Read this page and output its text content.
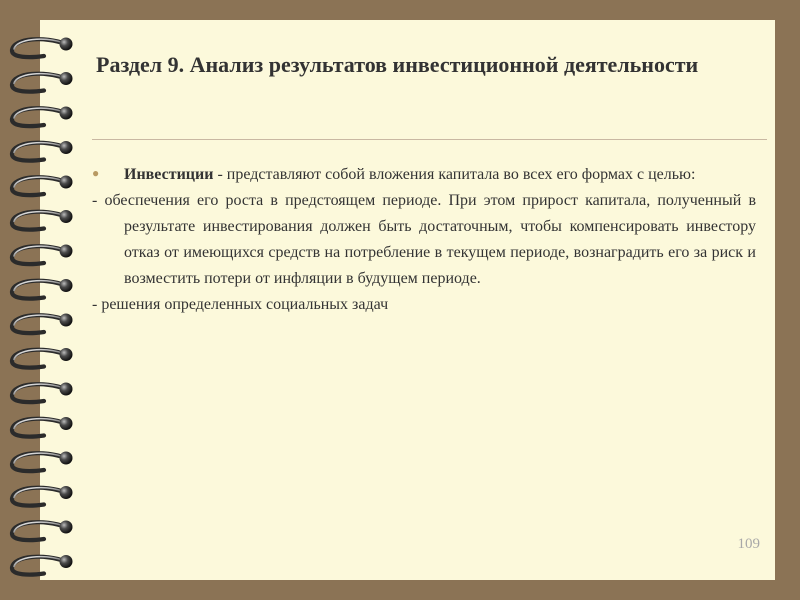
Раздел 9. Анализ результатов инвестиционной деятельности

● Инвестиции - представляют собой вложения капитала во всех его формах с целью:

- обеспечения его роста в предстоящем периоде. При этом прирост капитала, полученный в результате инвестирования должен быть достаточным, чтобы компенсировать инвестору отказ от имеющихся средств на потребление в текущем периоде, вознаградить его за риск и возместить потери от инфляции в будущем периоде.

- решения определенных социальных задач

109
